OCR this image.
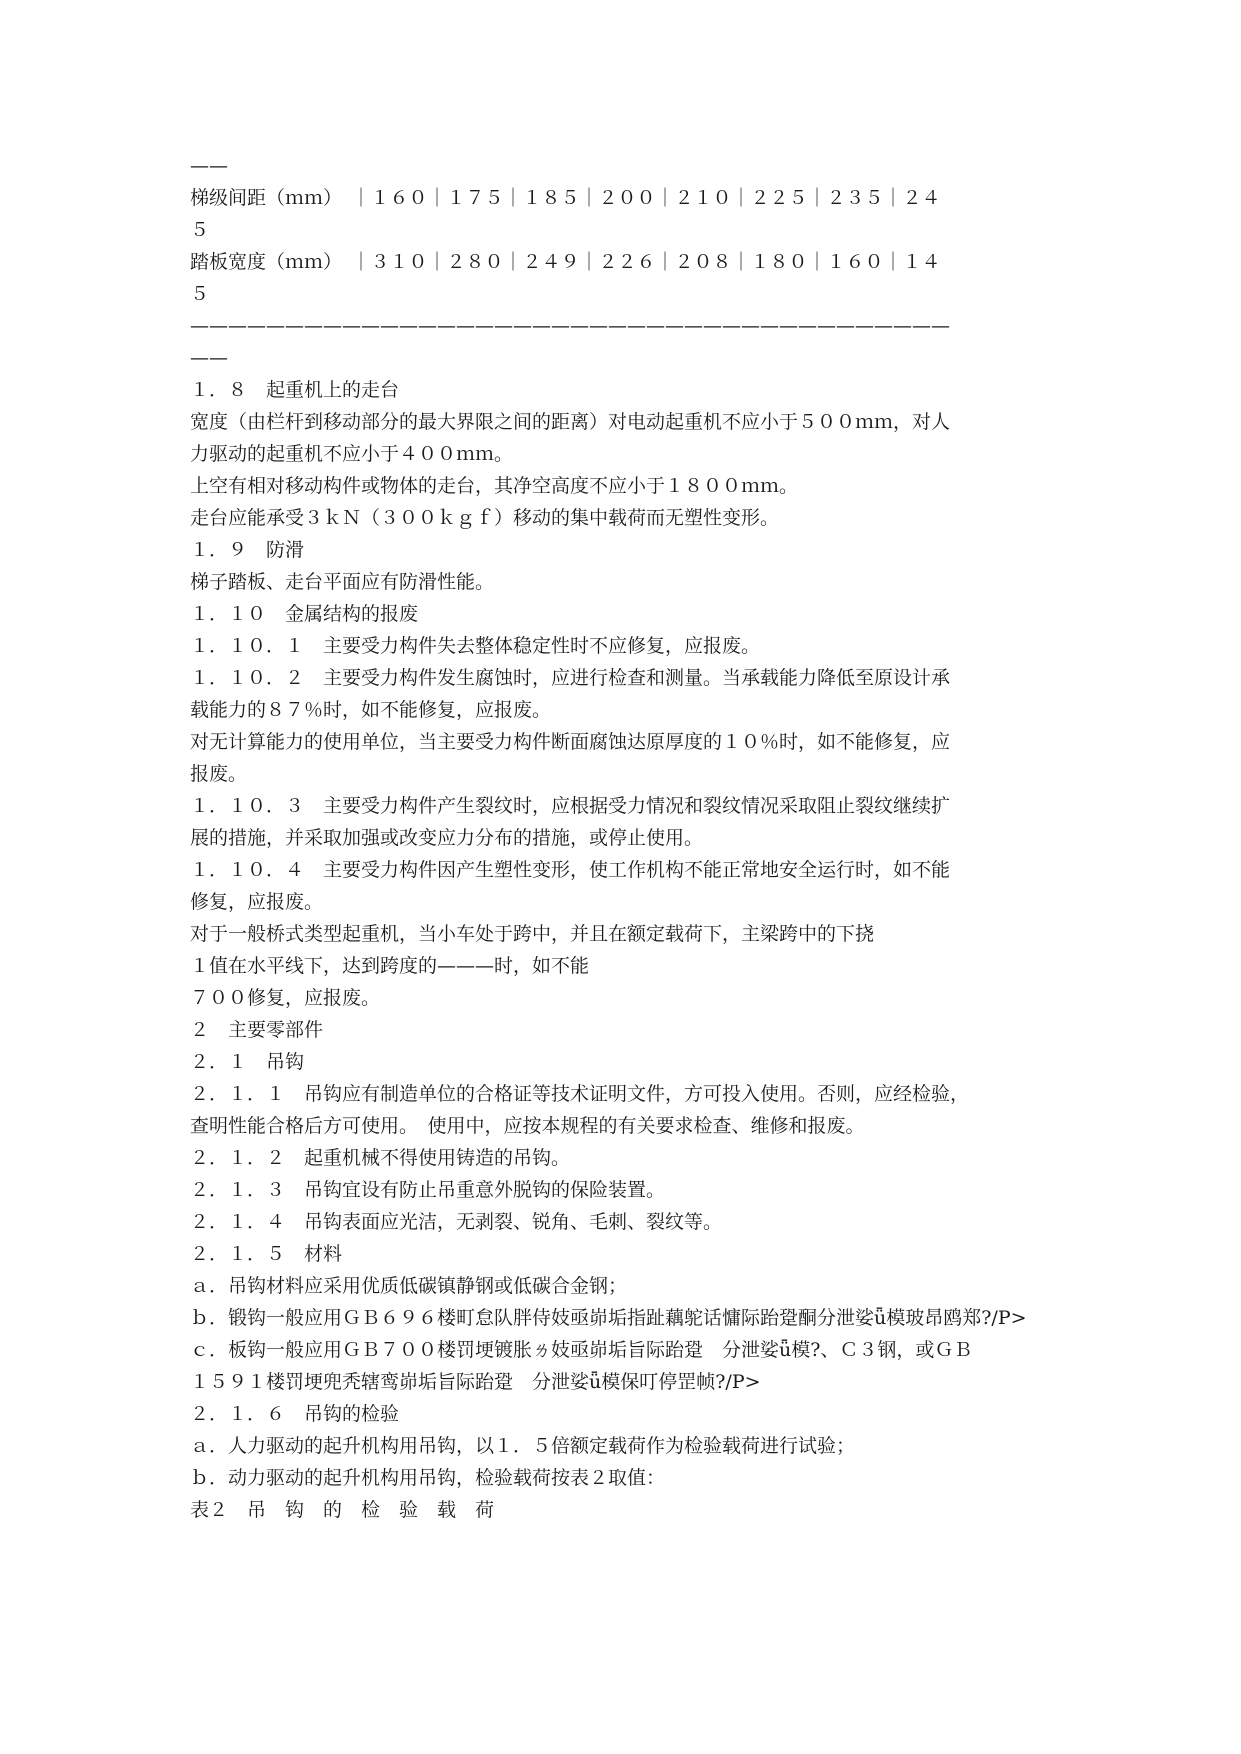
——
梯级间距（ｍｍ）　｜１６０｜１７５｜１８５｜２００｜２１０｜２２５｜２３５｜２４
５
踏板宽度（ｍｍ）　｜３１０｜２８０｜２４９｜２２６｜２０８｜１８０｜１６０｜１４
５
————————————————————————————————————————
——
１．８　起重机上的走台
宽度（由栏杆到移动部分的最大界限之间的距离）对电动起重机不应小于５００ｍｍ，对人
力驱动的起重机不应小于４００ｍｍ。
上空有相对移动构件或物体的走台，其净空高度不应小于１８００ｍｍ。
走台应能承受３ｋＮ（３００ｋｇｆ）移动的集中载荷而无塑性变形。
１．９　防滑
梯子踏板、走台平面应有防滑性能。
１．１０　金属结构的报废
１．１０．１　主要受力构件失去整体稳定性时不应修复，应报废。
１．１０．２　主要受力构件发生腐蚀时，应进行检查和测量。当承载能力降低至原设计承
载能力的８７％时，如不能修复，应报废。
对无计算能力的使用单位，当主要受力构件断面腐蚀达原厚度的１０％时，如不能修复，应
报废。
１．１０．３　主要受力构件产生裂纹时，应根据受力情况和裂纹情况采取阻止裂纹继续扩
展的措施，并采取加强或改变应力分布的措施，或停止使用。
１．１０．４　主要受力构件因产生塑性变形，使工作机构不能正常地安全运行时，如不能
修复，应报废。
对于一般桥式类型起重机，当小车处于跨中，并且在额定载荷下，主梁跨中的下挠
１值在水平线下，达到跨度的———时，如不能
７００修复，应报废。
２　主要零部件
２．１　吊钩
２．１．１　吊钩应有制造单位的合格证等技术证明文件，方可投入使用。否则，应经检验，
查明性能合格后方可使用。　使用中，应按本规程的有关要求检查、维修和报废。
２．１．２　起重机械不得使用铸造的吊钩。
２．１．３　吊钩宜设有防止吊重意外脱钩的保险装置。
２．１．４　吊钩表面应光洁，无剥裂、锐角、毛刺、裂纹等。
２．１．５　材料
ａ．吊钩材料应采用优质低碳镇静钢或低碳合金钢；
ｂ．锻钩一般应用ＧＢ６９６楼町怠队胖侍妓亟峁垢指趾藕鸵话慵际跆跫酮分泄娑ǖ模玻昂鸥郑?/P>
ｃ．板钩一般应用ＧＢ７００楼罚埂镀胀ㄌ妓亟峁垢旨际跆跫　分泄娑ǖ模?、Ｃ３钢，或ＧＢ
１５９１楼罚埂兜秃辖鸾峁垢旨际跆跫　分泄娑ǖ模保叮停罡帧?/P>
２．１．６　吊钩的检验
ａ．人力驱动的起升机构用吊钩，以１．５倍额定载荷作为检验载荷进行试验；
ｂ．动力驱动的起升机构用吊钩，检验载荷按表２取值：
表２　吊　钩　的　检　验　载　荷
